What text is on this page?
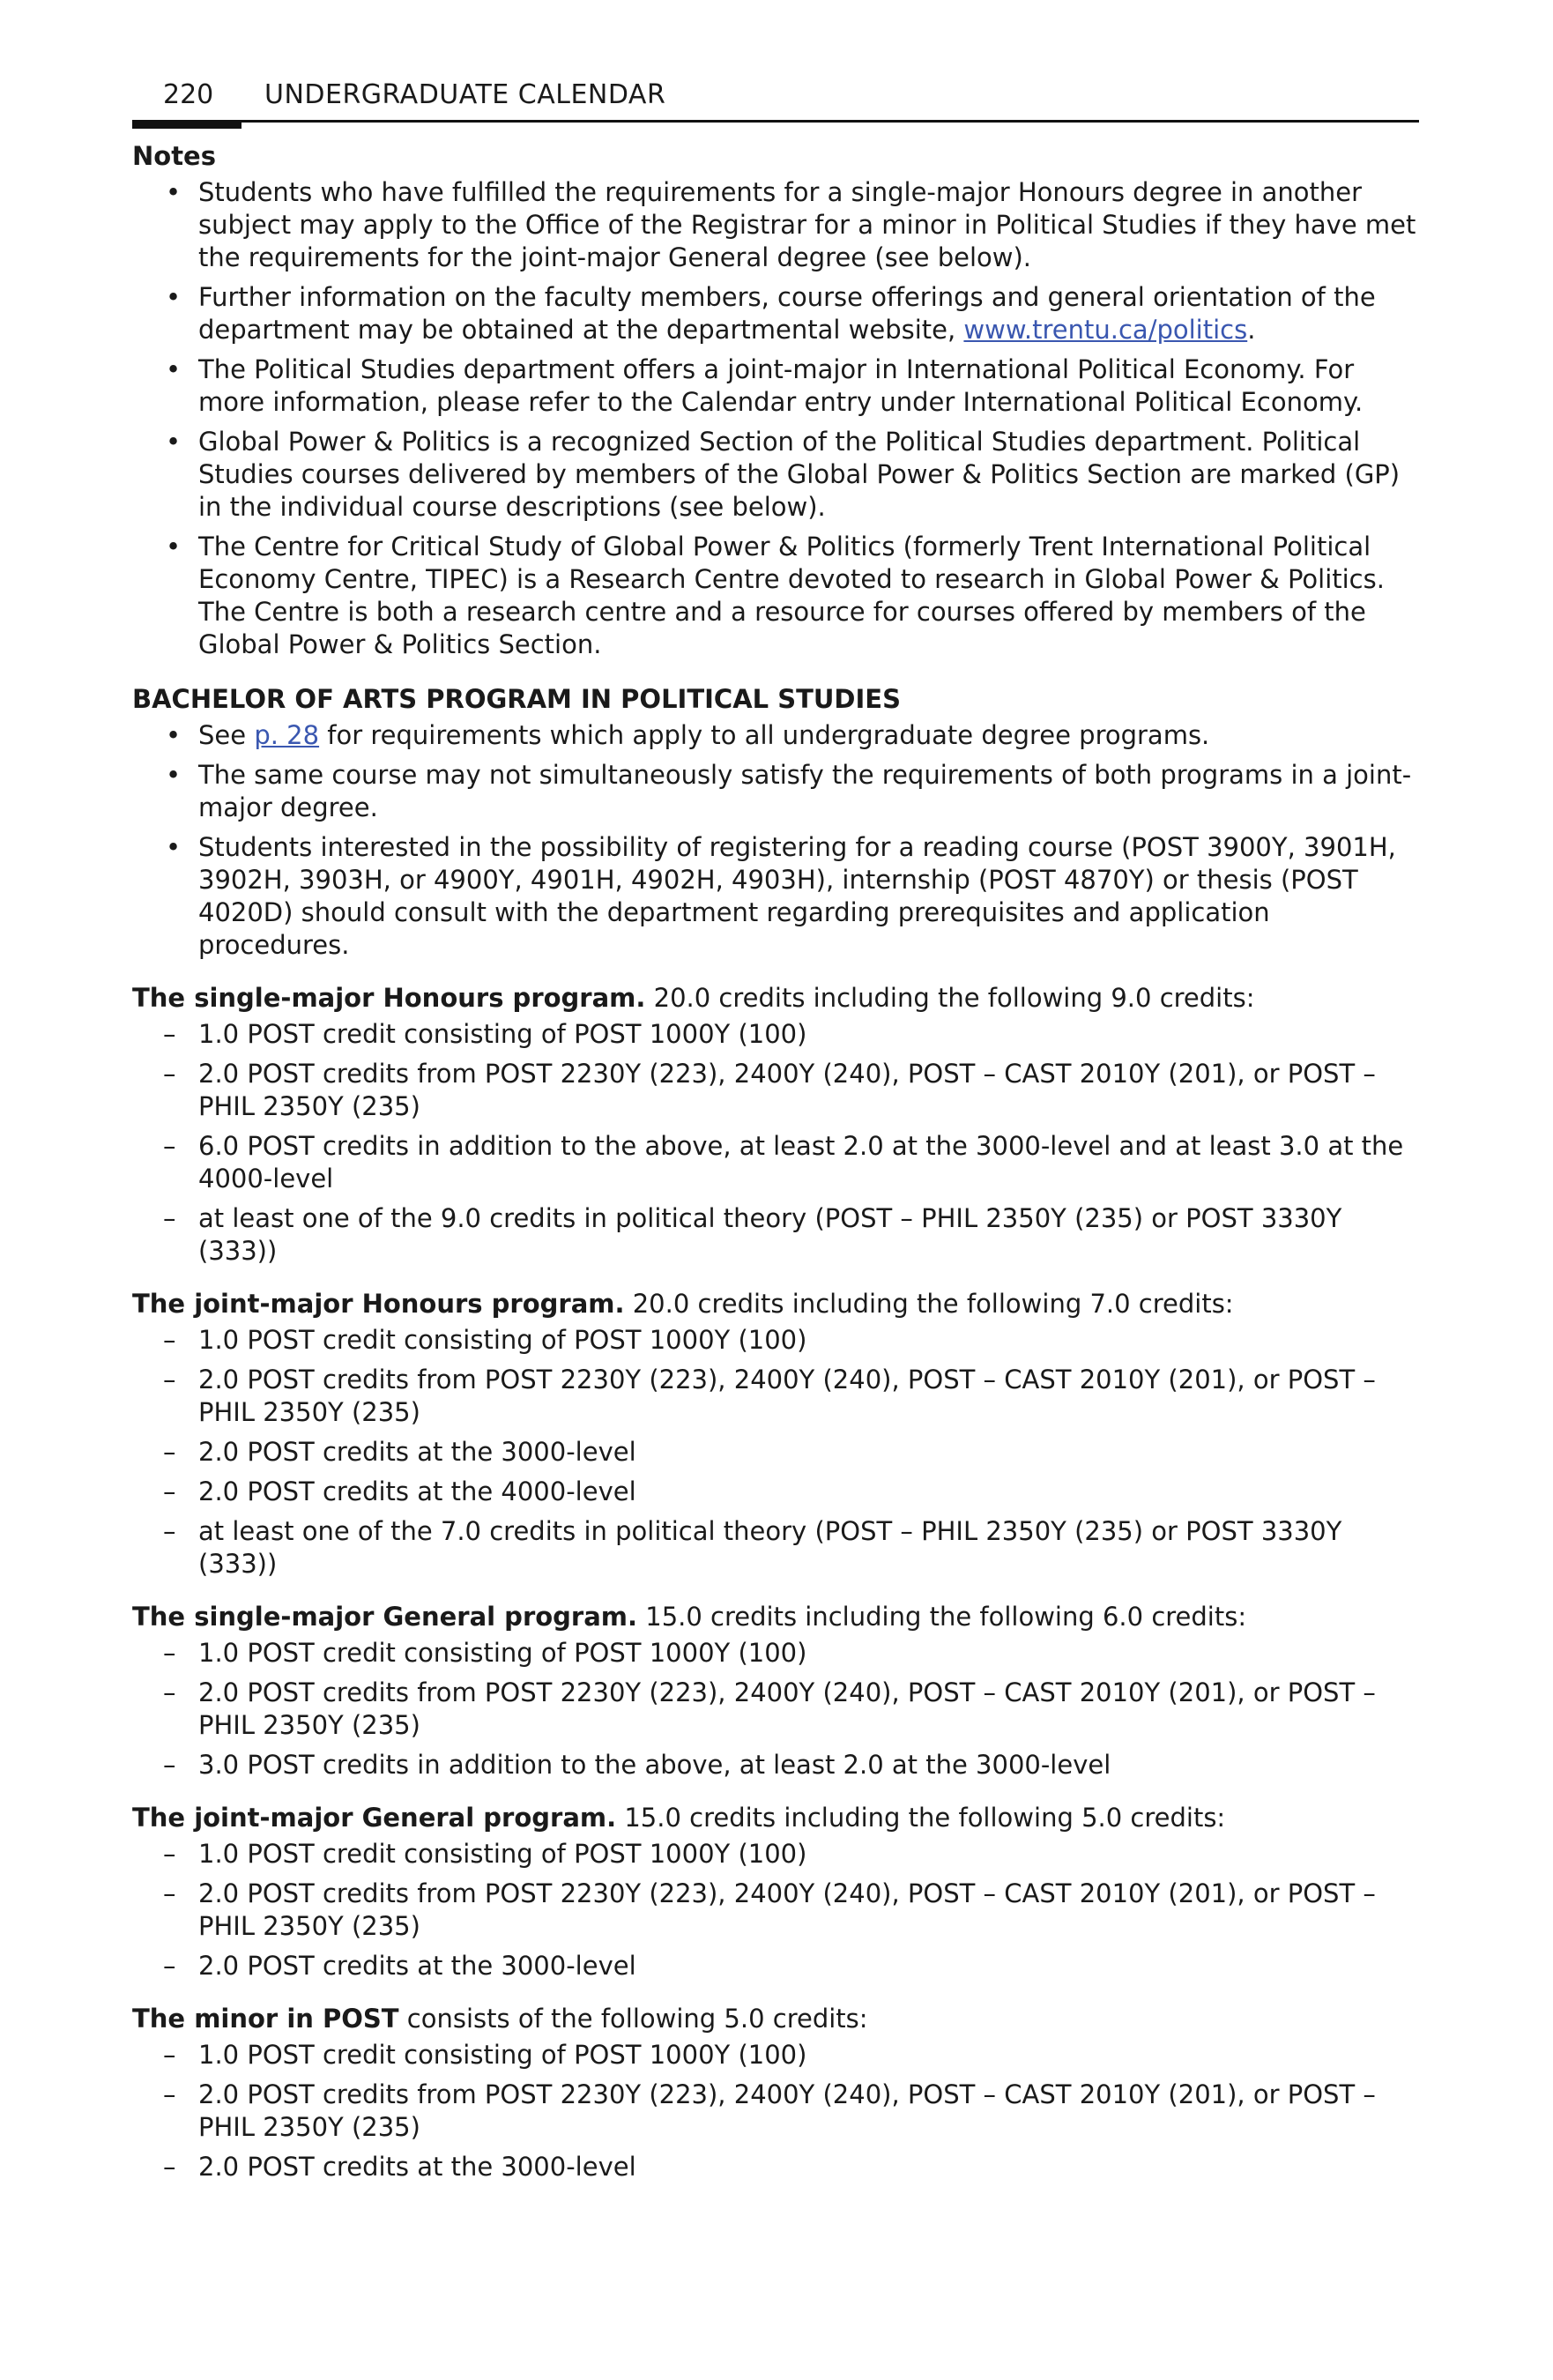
220 UNDERGRADUATE CALENDAR
Notes
• Students who have fulfilled the requirements for a single-major Honours degree in another subject may apply to the Office of the Registrar for a minor in Political Studies if they have met the requirements for the joint-major General degree (see below).
• Further information on the faculty members, course offerings and general orientation of the department may be obtained at the departmental website, www.trentu.ca/politics.
• The Political Studies department offers a joint-major in International Political Economy. For more information, please refer to the Calendar entry under International Political Economy.
• Global Power & Politics is a recognized Section of the Political Studies department. Political Studies courses delivered by members of the Global Power & Politics Section are marked (GP) in the individual course descriptions (see below).
• The Centre for Critical Study of Global Power & Politics (formerly Trent International Political Economy Centre, TIPEC) is a Research Centre devoted to research in Global Power & Politics. The Centre is both a research centre and a resource for courses offered by members of the Global Power & Politics Section.
BACHELOR OF ARTS PROGRAM IN POLITICAL STUDIES
• See p. 28 for requirements which apply to all undergraduate degree programs.
• The same course may not simultaneously satisfy the requirements of both programs in a joint-major degree.
• Students interested in the possibility of registering for a reading course (POST 3900Y, 3901H, 3902H, 3903H, or 4900Y, 4901H, 4902H, 4903H), internship (POST 4870Y) or thesis (POST 4020D) should consult with the department regarding prerequisites and application procedures.
The single-major Honours program. 20.0 credits including the following 9.0 credits:
– 1.0 POST credit consisting of POST 1000Y (100)
– 2.0 POST credits from POST 2230Y (223), 2400Y (240), POST – CAST 2010Y (201), or POST – PHIL 2350Y (235)
– 6.0 POST credits in addition to the above, at least 2.0 at the 3000-level and at least 3.0 at the 4000-level
– at least one of the 9.0 credits in political theory (POST – PHIL 2350Y (235) or POST 3330Y (333))
The joint-major Honours program. 20.0 credits including the following 7.0 credits:
– 1.0 POST credit consisting of POST 1000Y (100)
– 2.0 POST credits from POST 2230Y (223), 2400Y (240), POST – CAST 2010Y (201), or POST – PHIL 2350Y (235)
– 2.0 POST credits at the 3000-level
– 2.0 POST credits at the 4000-level
– at least one of the 7.0 credits in political theory (POST – PHIL 2350Y (235) or POST 3330Y (333))
The single-major General program. 15.0 credits including the following 6.0 credits:
– 1.0 POST credit consisting of POST 1000Y (100)
– 2.0 POST credits from POST 2230Y (223), 2400Y (240), POST – CAST 2010Y (201), or POST – PHIL 2350Y (235)
– 3.0 POST credits in addition to the above, at least 2.0 at the 3000-level
The joint-major General program. 15.0 credits including the following 5.0 credits:
– 1.0 POST credit consisting of POST 1000Y (100)
– 2.0 POST credits from POST 2230Y (223), 2400Y (240), POST – CAST 2010Y (201), or POST – PHIL 2350Y (235)
– 2.0 POST credits at the 3000-level
The minor in POST consists of the following 5.0 credits:
– 1.0 POST credit consisting of POST 1000Y (100)
– 2.0 POST credits from POST 2230Y (223), 2400Y (240), POST – CAST 2010Y (201), or POST – PHIL 2350Y (235)
– 2.0 POST credits at the 3000-level
